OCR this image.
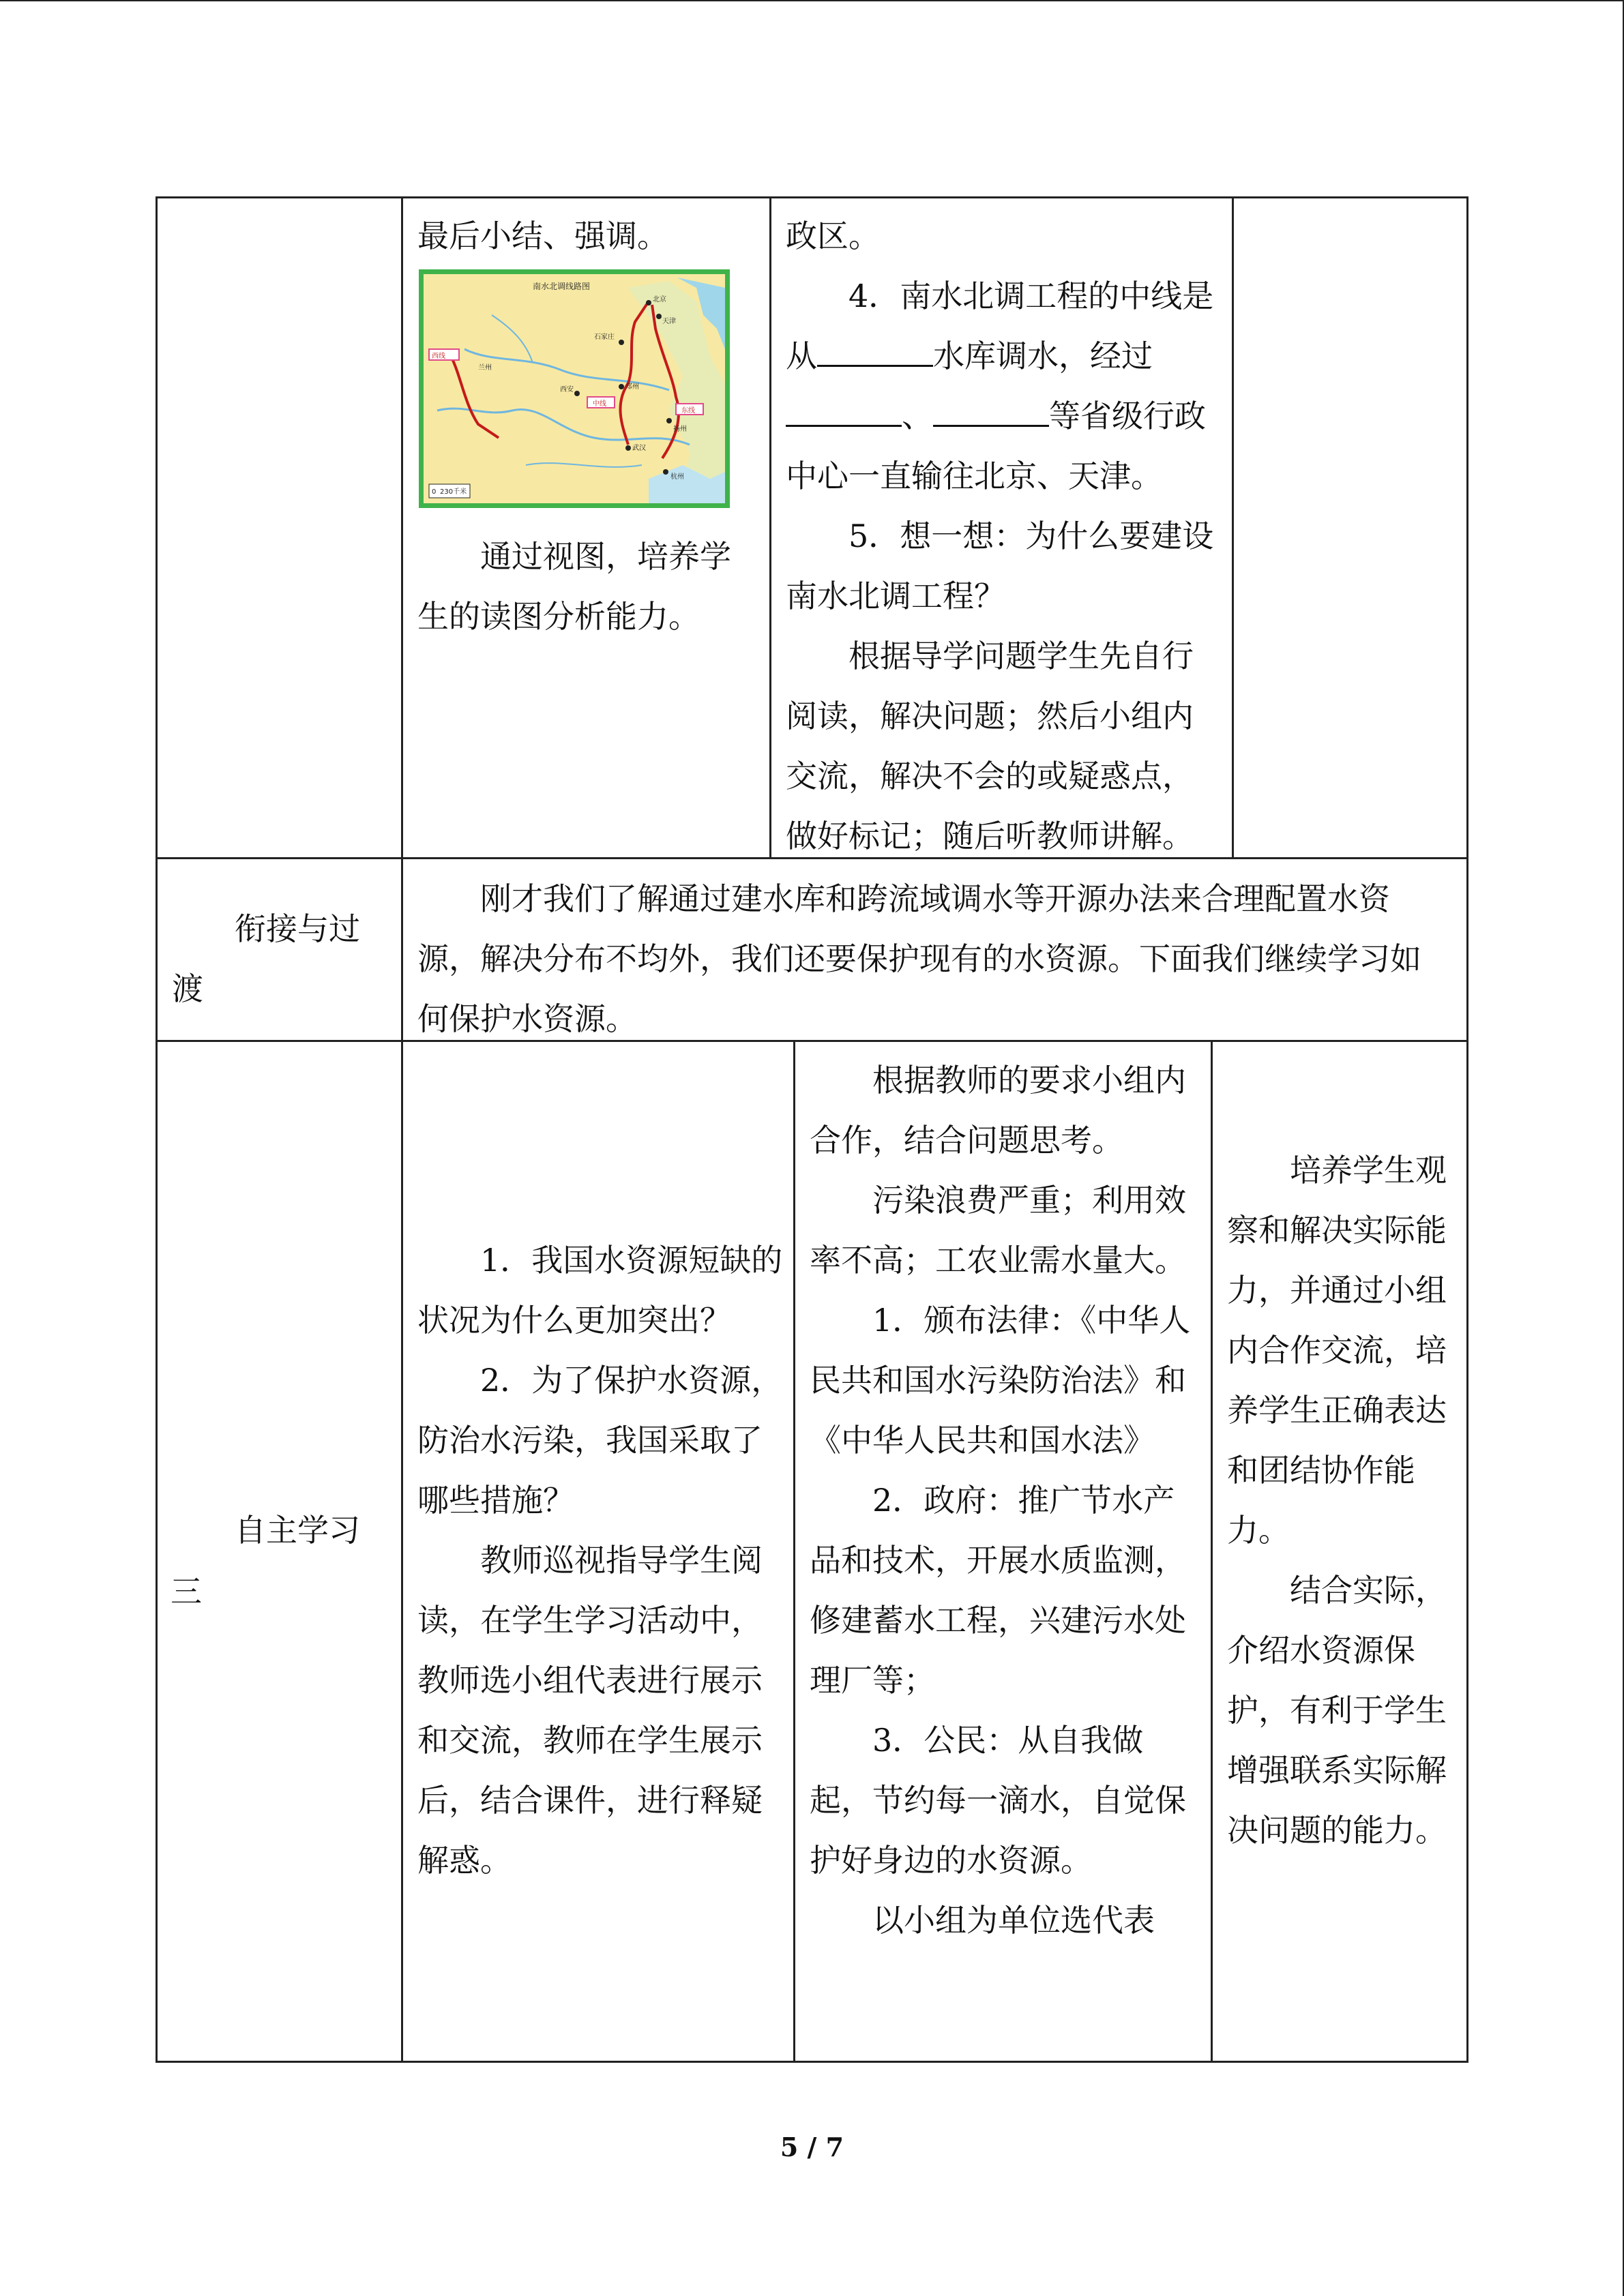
最后小结、强调。

南水北调线路图
西线
北京
天津
中线
东线
石家庄
郑州
西安
武汉
兰州
扬州
杭州
0 230千米

通过视图，培养学生的读图分析能力。

政区。

4．南水北调工程的中线是从	水库调水，经过、	等省级行政中心一直输往北京、天津。

5．想一想：为什么要建设南水北调工程？

根据导学问题学生先自行阅读，解决问题；然后小组内交流，解决不会的或疑惑点，做好标记；随后听教师讲解。

衔接与过

渡

刚才我们了解通过建水库和跨流域调水等开源办法来合理配置水资源，解决分布不均外，我们还要保护现有的水资源。下面我们继续学习如何保护水资源。

三

自主学习

1．我国水资源短缺的状况为什么更加突出？

2．为了保护水资源，防治水污染，我国采取了哪些措施？

教师巡视指导学生阅读，在学生学习活动中，教师选小组代表进行展示和交流，教师在学生展示后，结合课件，进行释疑解惑。

根据教师的要求小组内合作，结合问题思考。

污染浪费严重；利用效率不高；工农业需水量大。

1．颁布法律：《中华人民共和国水污染防治法》和《中华人民共和国水法》

2．政府：推广节水产品和技术，开展水质监测，修建蓄水工程，兴建污水处理厂等；

3．公民：从自我做起，节约每一滴水，自觉保护好身边的水资源。

以小组为单位选代表

培养学生观察和解决实际能力，并通过小组内合作交流，培养学生正确表达和团结协作能力。

结合实际，介绍水资源保护，有利于学生增强联系实际解决问题的能力。

5 / 7
